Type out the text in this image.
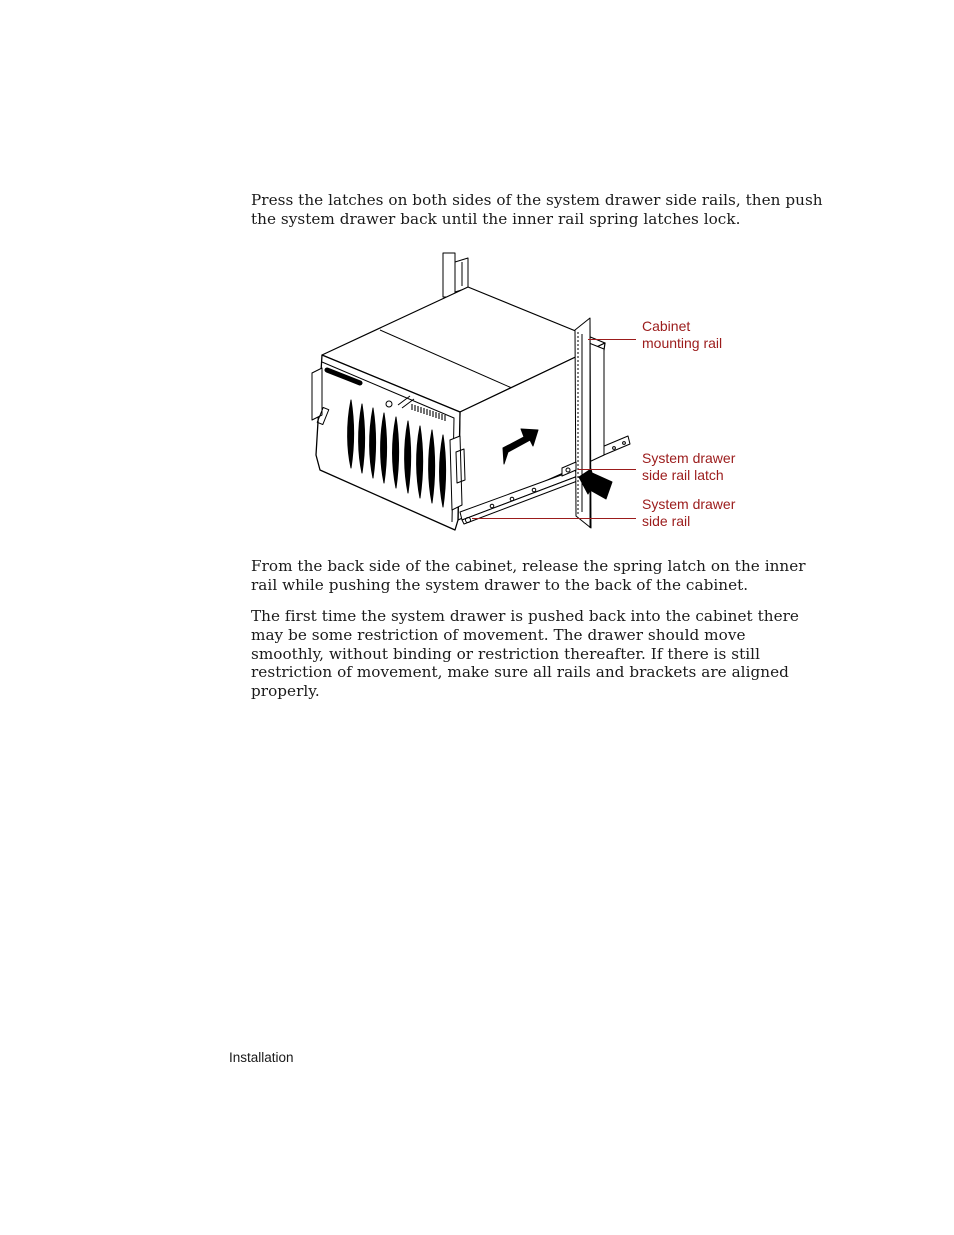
Press the latches on both sides of the system drawer side rails, then push
the system drawer back until the inner rail spring latches lock.
Cabinet
mounting rail
System drawer
side rail latch
System drawer
side rail
From the back side of the cabinet, release the spring latch on the inner
rail while pushing the system drawer to the back of the cabinet.
The first time the system drawer is pushed back into the cabinet there
may be some restriction of movement. The drawer should move
smoothly, without binding or restriction thereafter. If there is still
restriction of movement, make sure all rails and brackets are aligned
properly.
Installation
